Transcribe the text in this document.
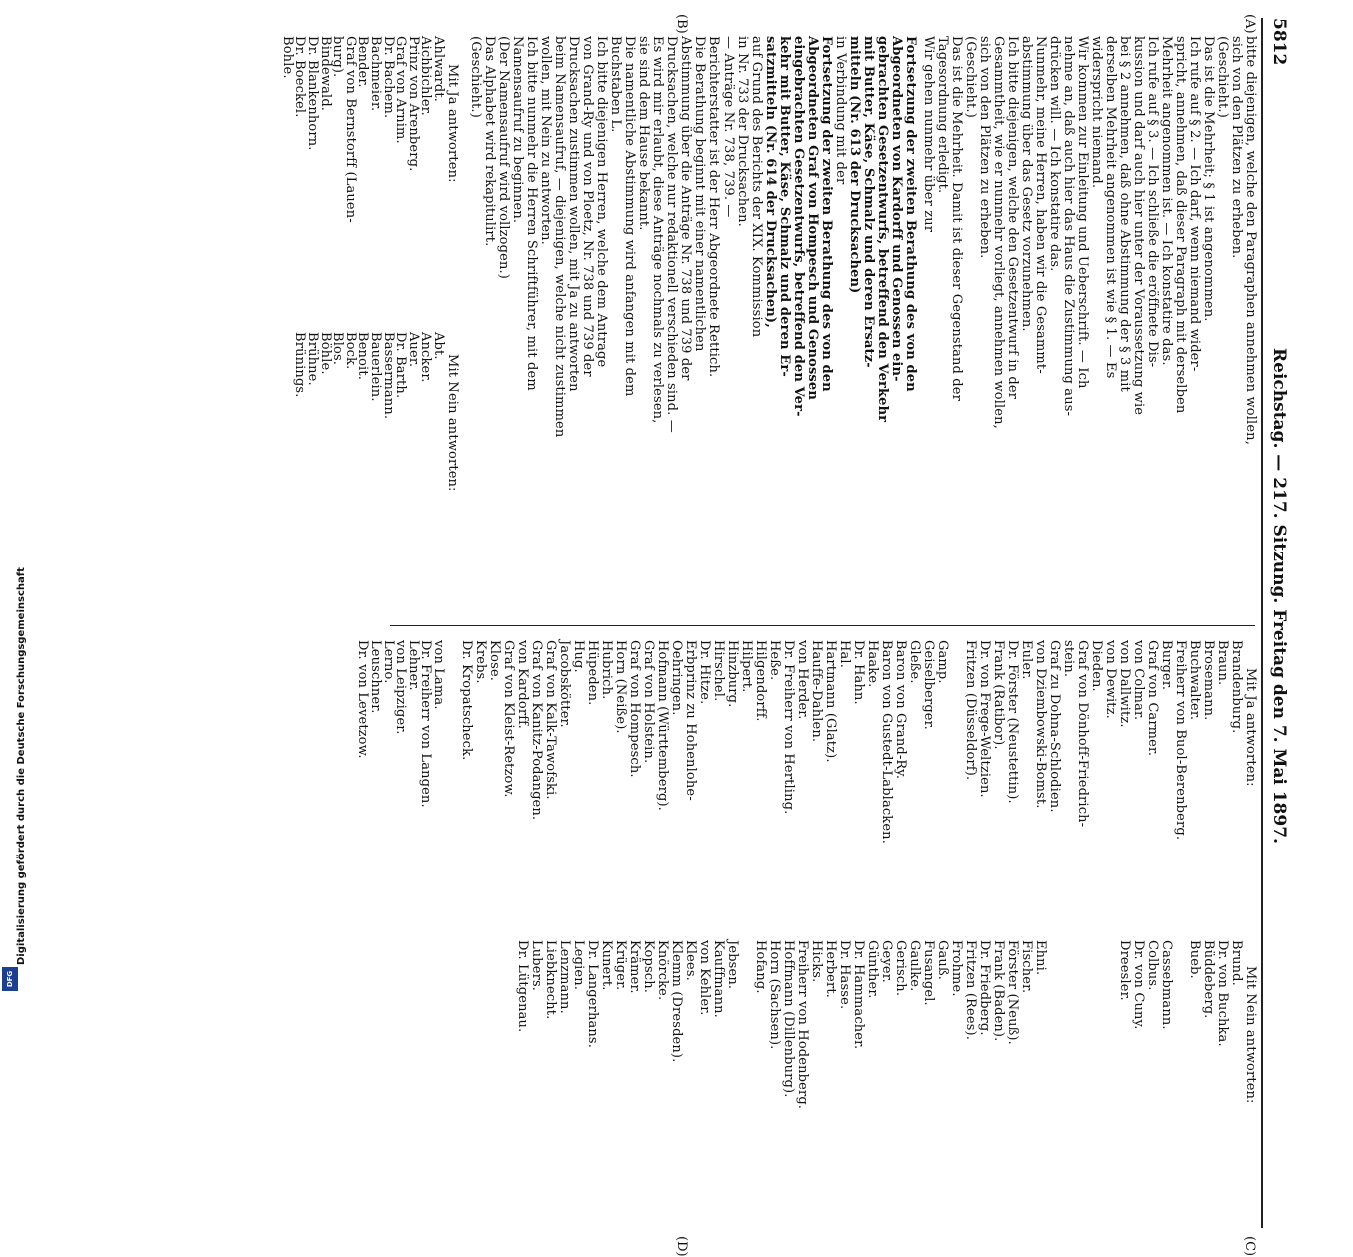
5812
Reichstag. — 217. Sitzung. Freitag den 7. Mai 1897.
(A)
(B)
(C)
(D)
bitte diejenigen, welche den Paragraphen annehmen wollen,
sich von den Plätzen zu erheben.
(Geschieht.)
Das ist die Mehrheit; § 1 ist angenommen.
Ich rufe auf § 2. — Ich darf, wenn niemand wider-
spricht, annehmen, daß dieser Paragraph mit derselben
Mehrheit angenommen ist. — Ich konstatire das.
Ich rufe auf § 3. — Ich schließe die eröffnete Dis-
kussion und darf auch hier unter der Voraussetzung wie
bei § 2 annehmen, daß ohne Abstimmung der § 3 mit
derselben Mehrheit angenommen ist wie § 1. — Es
widerspricht niemand.
Wir kommen zur Einleitung und Ueberschrift. — Ich
nehme an, daß auch hier das Haus die Zustimmung aus-
drücken will. — Ich konstatire das.
Nunmehr, meine Herren, haben wir die Gesammt-
abstimmung über das Gesetz vorzunehmen.
Ich bitte diejenigen, welche den Gesetzentwurf in der
Gesammtheit, wie er nunmehr vorliegt, annehmen wollen,
sich von den Plätzen zu erheben.
(Geschieht.)
Das ist die Mehrheit. Damit ist dieser Gegenstand der
Tagesordnung erledigt.
Wir gehen nunmehr über zur
Fortsetzung der zweiten Berathung des von den
Abgeordneten von Kardorff und Genossen ein-
gebrachten Gesetzentwurfs, betreffend den Verkehr
mit Butter, Käse, Schmalz und deren Ersatz-
mitteln (Nr. 613 der Drucksachen)
in Verbindung mit der
Fortsetzung der zweiten Berathung des von den
Abgeordneten Graf von Hompesch und Genossen
eingebrachten Gesetzentwurfs, betreffend den Ver-
kehr mit Butter, Käse, Schmalz und deren Er-
satzmitteln (Nr. 614 der Drucksachen),
auf Grund des Berichts der XIX. Kommission
in Nr. 733 der Drucksachen.
— Anträge Nr. 738, 739. —
Berichterstatter ist der Herr Abgeordnete Rettich.
Die Berathung beginnt mit einer namentlichen
Abstimmung über die Anträge Nr. 738 und 739 der
Drucksachen, welche nur redaktionell verschieden sind. —
Es wird mir erlaubt, diese Anträge nochmals zu verlesen,
sie sind dem Hause bekannt.
Die namentliche Abstimmung wird anfangen mit dem
Buchstaben L.
Ich bitte diejenigen Herren, welche dem Antrage
von Grand-Ry und von Ploetz, Nr. 738 und 739 der
Drucksachen zustimmen wollen, mit Ja zu antworten
beim Namensaufruf, — diejenigen, welche nicht zustimmen
wollen, mit Nein zu antworten.
Ich bitte nunmehr die Herren Schriftführer, mit dem
Namensaufruf zu beginnen.
(Der Namensaufruf wird vollzogen.)
Das Alphabet wird rekapitulirt.
(Geschieht.)
Mit Ja antworten:
Mit Nein antworten:
Ahlwardt.
Aichbichler.
Prinz von Arenberg.
Graf von Arnim.
Dr. Bachem.
Bachmeier.
Bender.
Graf von Bernstorff (Lauen-
burg).
Bindewald.
Dr. Blankenhorn.
Dr. Boeckel.
Bohle.
Abt.
Ancker.
Auer.
Dr. Barth.
Bassermann.
Bauerlein.
Benoit.
Bock.
Blos.
Böhle.
Brühne.
Brünings.
Mit Ja antworten:
Mit Nein antworten:
Brandenburg.
Braun.
Brosemann.
Buchwalter.
Freiherr von Buol-Berenberg.
Burger.
Graf von Carmer.
von Colmar.
Brund.
Dr. von Buchka.
Büddeberg.
Bueb.
Cassebmann.
Colbus.
Dr. von Cuny.
Dreesler.
von Dallwitz.
von Dewitz.
Dieden.
Graf von Dönhoff-Friedrich-
stein.
Graf zu Dohna-Schlodien.
von Dziembowski-Bomst.
Euler.
Dr. Förster (Neustettin).
Frank (Ratibor).
Dr. von Frege-Weltzien.
Fritzen (Düsseldorf).
Ehni.
Fischer.
Förster (Neuß).
Frank (Baden).
Dr. Friedberg.
Fritzen (Rees).
Frohme.
Gamp.
Geiselberger.
Gleße.
Baron von Grand-Ry.
Baron von Gustedt-Lablacken.
Haake.
Dr. Hahn.
Hal.
Hartmann (Glatz).
Hauffe-Dahlen.
von Herder.
Dr. Freiherr von Hertling.
Heße.
Hilgendorff.
Hilpert.
Hinzburg.
Hirschel.
Dr. Hitze.
Erbprinz zu Hohenlohe-
Oehringen.
Hofmann (Württemberg).
Graf von Holstein.
Graf von Hompesch.
Horn (Neiße).
Hubrich.
Hüpeden.
Hug.
Jacobskötter.
Graf von Kalk-Tawofski.
Graf von Kanitz-Podangen.
von Kardorff.
Graf von Kleist-Retzow.
Klose.
Krebs.
Dr. Kropatscheck.
Gauß.
Fusangel.
Gaulke.
Gerisch.
Geyer.
Günther.
Dr. Hammacher.
Dr. Hasse.
Herbert.
Hicks.
Freiherr von Hodenberg.
Hoffmann (Dillenburg).
Horn (Sachsen).
Hofang.
Jebsen.
Kauffmann.
von Kehler.
Klees.
Klemm (Dresden).
Knörcke.
Kopsch.
Krämer.
Krüger.
Kunert.
Dr. Langerhans.
Legien.
Lenzmann.
Liebknecht.
Lubers.
Dr. Lütgenau.
von Lama.
Dr. Freiherr von Langen.
Lehner.
von Leipziger.
Lerno.
Leuschner.
Dr. von Levetzow.
Digitalisierung gefördert durch die Deutsche Forschungsgemeinschaft
DFG
